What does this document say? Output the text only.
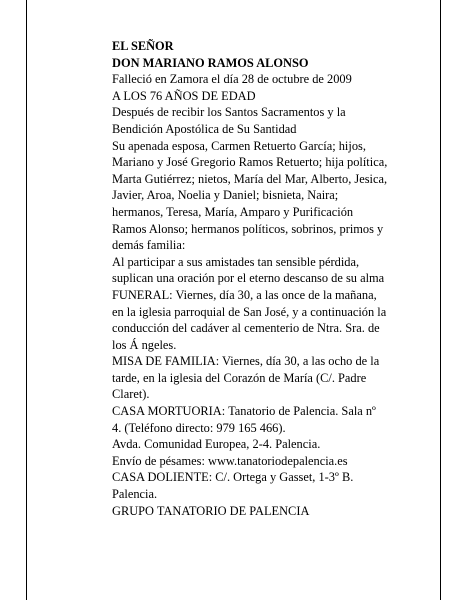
EL SEÑOR
DON MARIANO RAMOS ALONSO
Falleció en Zamora el día 28 de octubre de 2009
A LOS 76 AÑOS DE EDAD
Después de recibir los Santos Sacramentos y la
Bendición Apostólica de Su Santidad
Su apenada esposa, Carmen Retuerto García; hijos,
Mariano y José Gregorio Ramos Retuerto; hija política,
Marta Gutiérrez; nietos, María del Mar, Alberto, Jesica,
Javier, Aroa, Noelia y Daniel; bisnieta, Naira;
hermanos, Teresa, María, Amparo y Purificación
Ramos Alonso; hermanos políticos, sobrinos, primos y
demás familia:
Al participar a sus amistades tan sensible pérdida,
suplican una oración por el eterno descanso de su alma
FUNERAL: Viernes, día 30, a las once de la mañana,
en la iglesia parroquial de San José, y a continuación la
conducción del cadáver al cementerio de Ntra. Sra. de
los Á ngeles.
MISA DE FAMILIA: Viernes, día 30, a las ocho de la
tarde, en la iglesia del Corazón de María (C/. Padre
Claret).
CASA MORTUORIA: Tanatorio de Palencia. Sala nº
4. (Teléfono directo: 979 165 466).
Avda. Comunidad Europea, 2-4. Palencia.
Envío de pésames: www.tanatoriodepalencia.es
CASA DOLIENTE: C/. Ortega y Gasset, 1-3º B.
Palencia.
GRUPO TANATORIO DE PALENCIA
